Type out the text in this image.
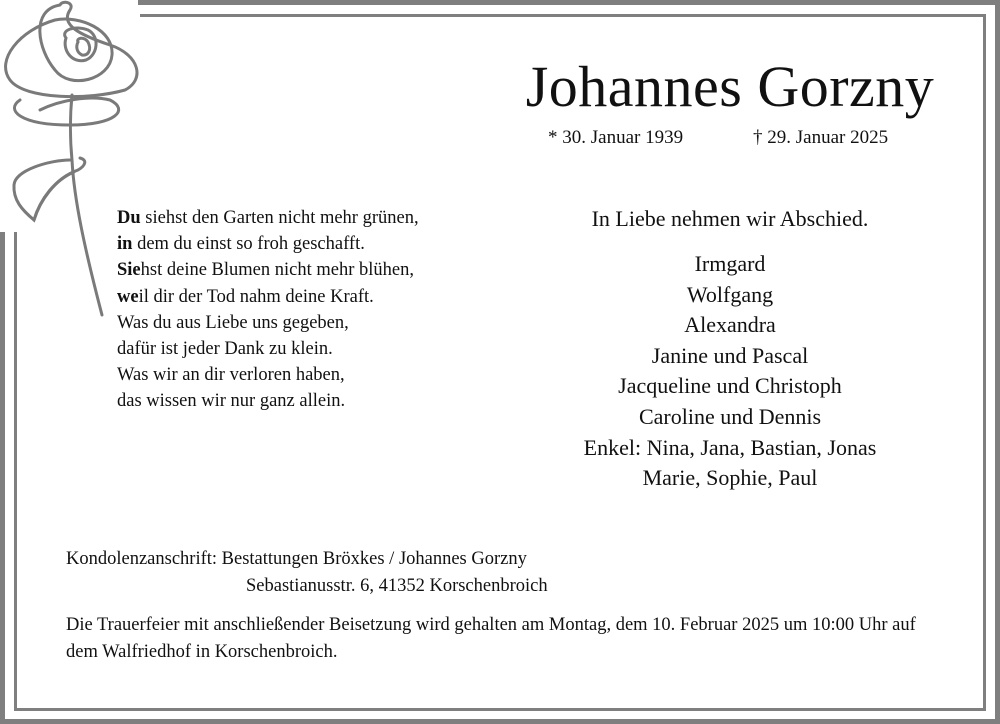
Johannes Gorzny
* 30. Januar 1939	† 29. Januar 2025
Du siehst den Garten nicht mehr grünen,
in dem du einst so froh geschafft.
Siehst deine Blumen nicht mehr blühen,
weil dir der Tod nahm deine Kraft.
Was du aus Liebe uns gegeben,
dafür ist jeder Dank zu klein.
Was wir an dir verloren haben,
das wissen wir nur ganz allein.
In Liebe nehmen wir Abschied.
Irmgard
Wolfgang
Alexandra
Janine und Pascal
Jacqueline und Christoph
Caroline und Dennis
Enkel: Nina, Jana, Bastian, Jonas
Marie, Sophie, Paul
Kondolenzanschrift: Bestattungen Bröxkes / Johannes Gorzny
Sebastianusstr. 6, 41352 Korschenbroich
Die Trauerfeier mit anschließender Beisetzung wird gehalten am Montag, dem 10. Februar 2025 um 10:00 Uhr auf dem Walfriedhof in Korschenbroich.
